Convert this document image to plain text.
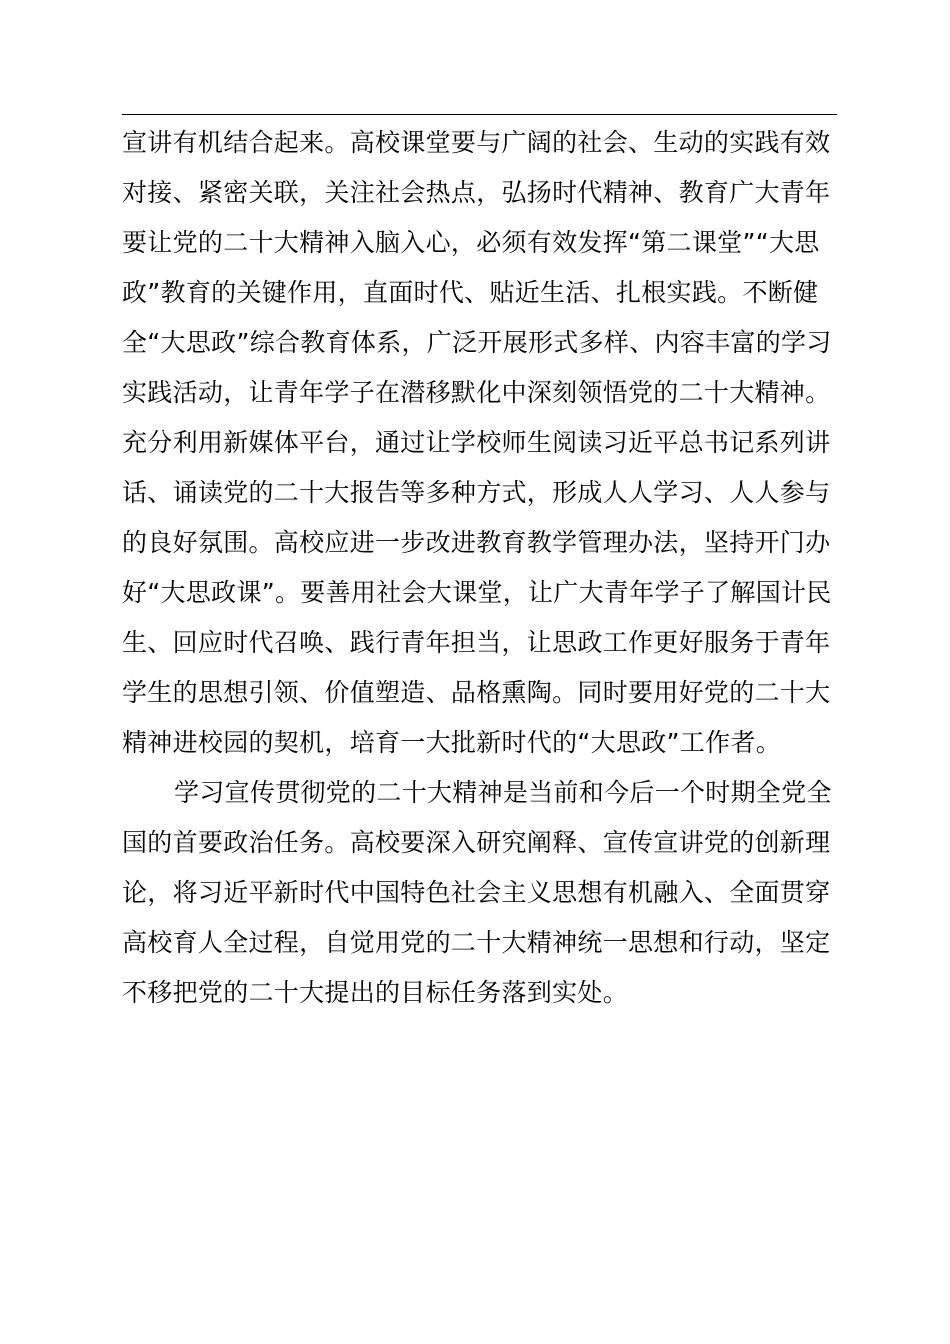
宣讲有机结合起来。高校课堂要与广阔的社会、生动的实践有效
对接、紧密关联，关注社会热点，弘扬时代精神、教育广大青年
要让党的二十大精神入脑入心，必须有效发挥“第二课堂”“大思
政”教育的关键作用，直面时代、贴近生活、扎根实践。不断健
全“大思政”综合教育体系，广泛开展形式多样、内容丰富的学习
实践活动，让青年学子在潜移默化中深刻领悟党的二十大精神。
充分利用新媒体平台，通过让学校师生阅读习近平总书记系列讲
话、诵读党的二十大报告等多种方式，形成人人学习、人人参与
的良好氛围。高校应进一步改进教育教学管理办法，坚持开门办
好“大思政课”。要善用社会大课堂，让广大青年学子了解国计民
生、回应时代召唤、践行青年担当，让思政工作更好服务于青年
学生的思想引领、价值塑造、品格熏陶。同时要用好党的二十大
精神进校园的契机，培育一大批新时代的“大思政”工作者。
学习宣传贯彻党的二十大精神是当前和今后一个时期全党全
国的首要政治任务。高校要深入研究阐释、宣传宣讲党的创新理
论，将习近平新时代中国特色社会主义思想有机融入、全面贯穿
高校育人全过程，自觉用党的二十大精神统一思想和行动，坚定
不移把党的二十大提出的目标任务落到实处。
